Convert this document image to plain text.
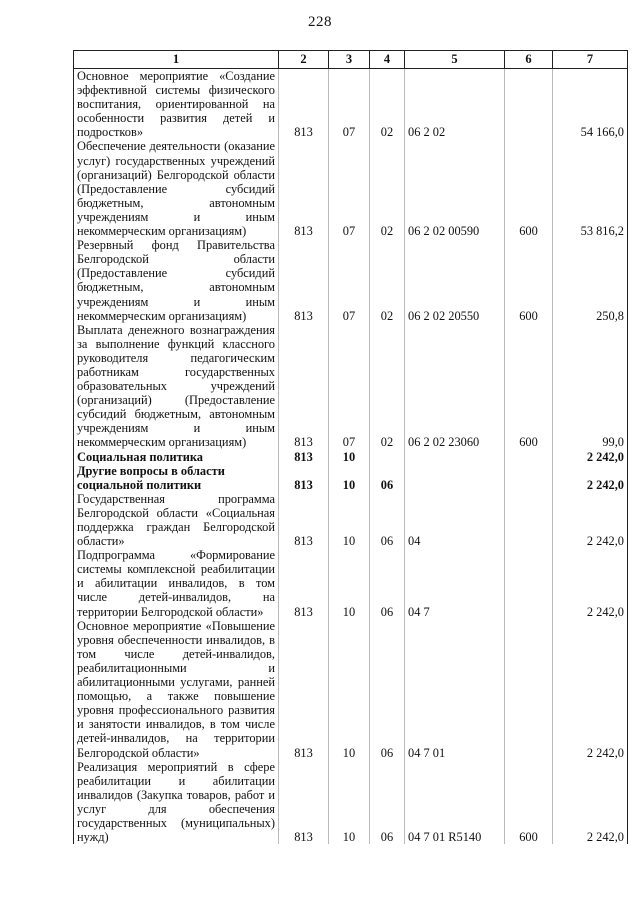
228
1	2	3	4	5	6	7
Основное мероприятие «Создание эффективной системы физического воспитания, ориентированной на особенности развития детей и подростков»	813	07	02	06 2 02		54 166,0
Обеспечение деятельности (оказание услуг) государственных учреждений (организаций) Белгородской области (Предоставление субсидий бюджетным, автономным учреждениям и иным некоммерческим организациям)	813	07	02	06 2 02 00590	600	53 816,2
Резервный фонд Правительства Белгородской области (Предоставление субсидий бюджетным, автономным учреждениям и иным некоммерческим организациям)	813	07	02	06 2 02 20550	600	250,8
Выплата денежного вознаграждения за выполнение функций классного руководителя педагогическим работникам государственных образовательных учреждений (организаций) (Предоставление субсидий бюджетным, автономным учреждениям и иным некоммерческим организациям)	813	07	02	06 2 02 23060	600	99,0
Социальная политика	813	10				2 242,0
Другие вопросы в области социальной политики	813	10	06			2 242,0
Государственная программа Белгородской области «Социальная поддержка граждан Белгородской области»	813	10	06	04		2 242,0
Подпрограмма «Формирование системы комплексной реабилитации и абилитации инвалидов, в том числе детей-инвалидов, на территории Белгородской области»	813	10	06	04 7		2 242,0
Основное мероприятие «Повышение уровня обеспеченности инвалидов, в том числе детей-инвалидов, реабилитационными и абилитационными услугами, ранней помощью, а также повышение уровня профессионального развития и занятости инвалидов, в том числе детей-инвалидов, на территории Белгородской области»	813	10	06	04 7 01		2 242,0
Реализация мероприятий в сфере реабилитации и абилитации инвалидов (Закупка товаров, работ и услуг для обеспечения государственных (муниципальных) нужд)	813	10	06	04 7 01 R5140	600	2 242,0
